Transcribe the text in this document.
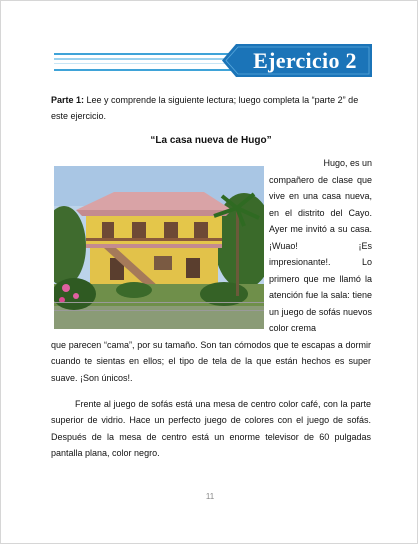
Ejercicio 2
Parte 1: Lee y comprende la siguiente lectura; luego completa la “parte 2” de este ejercicio.
“La casa nueva de Hugo”
Hugo, es un
compañero de clase que vive en una casa nueva, en el distrito del Cayo. Ayer me invitó a su casa. ¡Wuao! ¡Es impresionante!. Lo primero que me llamó la atención fue la sala: tiene un juego de sofás nuevos color crema
que parecen “cama”, por su tamaño. Son tan cómodos que te escapas a dormir cuando te sientas en ellos; el tipo de tela de la que están hechos es super suave. ¡Son únicos!.
Frente al juego de sofás está una mesa de centro color café, con la parte superior de vidrio. Hace un perfecto juego de colores con el juego de sofás. Después de la mesa de centro está un enorme televisor de 60 pulgadas pantalla plana, color negro.
11
